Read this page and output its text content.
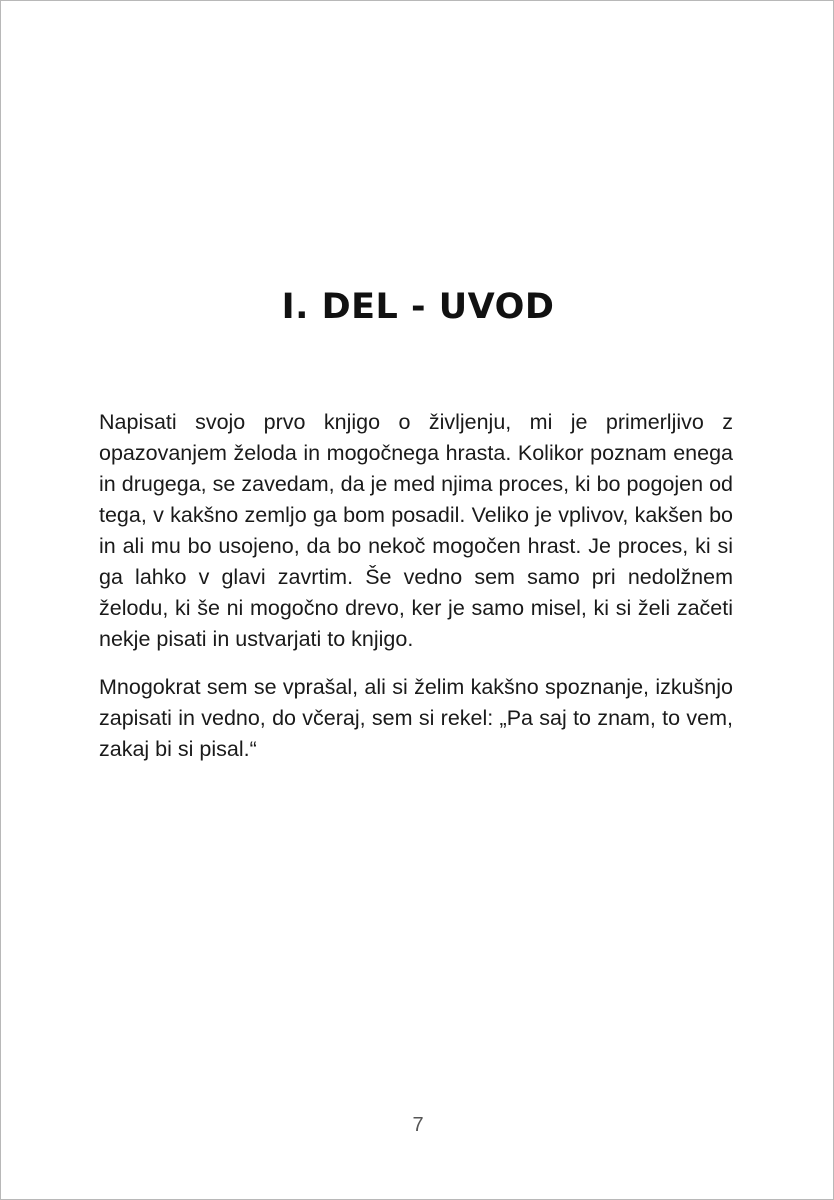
I. DEL - UVOD

Napisati svojo prvo knjigo o življenju, mi je primerljivo z opazovanjem želoda in mogočnega hrasta. Kolikor poznam enega in drugega, se zavedam, da je med njima proces, ki bo pogojen od tega, v kakšno zemljo ga bom posadil. Veliko je vplivov, kakšen bo in ali mu bo usojeno, da bo nekoč mogočen hrast. Je proces, ki si ga lahko v glavi zavrtim. Še vedno sem samo pri nedolžnem želodu, ki še ni mogočno drevo, ker je samo misel, ki si želi začeti nekje pisati in ustvarjati to knjigo.

Mnogokrat sem se vprašal, ali si želim kakšno spoznanje, izkušnjo zapisati in vedno, do včeraj, sem si rekel: „Pa saj to znam, to vem, zakaj bi si pisal.“

7
